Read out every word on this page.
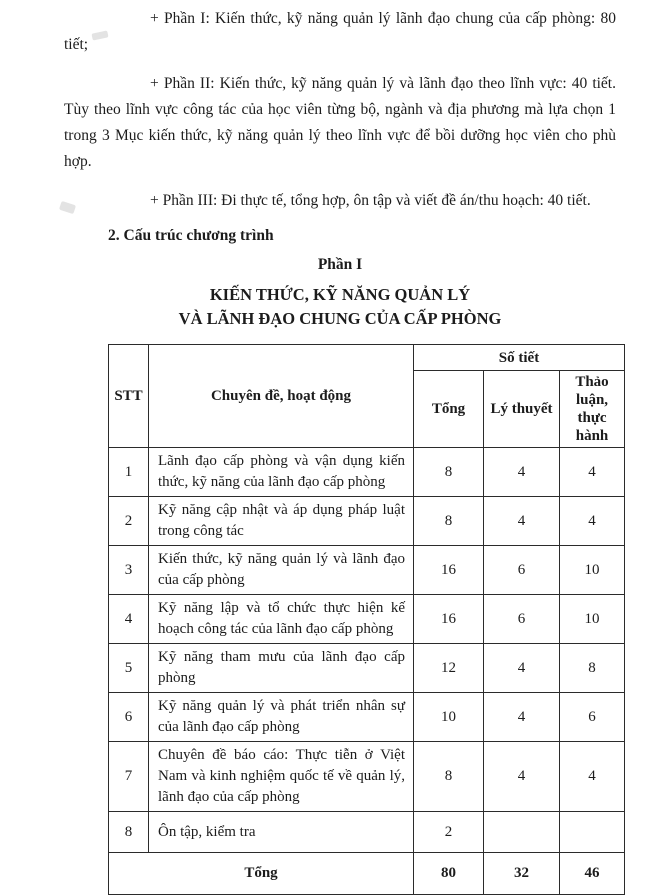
+ Phần I: Kiến thức, kỹ năng quản lý lãnh đạo chung của cấp phòng: 80 tiết;

+ Phần II: Kiến thức, kỹ năng quản lý và lãnh đạo theo lĩnh vực: 40 tiết. Tùy theo lĩnh vực công tác của học viên từng bộ, ngành và địa phương mà lựa chọn 1 trong 3 Mục kiến thức, kỹ năng quản lý theo lĩnh vực để bồi dưỡng học viên cho phù hợp.

+ Phần III: Đi thực tế, tổng hợp, ôn tập và viết đề án/thu hoạch: 40 tiết.

2. Cấu trúc chương trình
Phần I
KIẾN THỨC, KỸ NĂNG QUẢN LÝ
VÀ LÃNH ĐẠO CHUNG CỦA CẤP PHÒNG
STT	Chuyên đề, hoạt động	Số tiết		
		Tổng	Lý thuyết	Thảo luận, thực hành
1	Lãnh đạo cấp phòng và vận dụng kiến thức, kỹ năng của lãnh đạo cấp phòng	8	4	4
2	Kỹ năng cập nhật và áp dụng pháp luật trong công tác	8	4	4
3	Kiến thức, kỹ năng quản lý và lãnh đạo của cấp phòng	16	6	10
4	Kỹ năng lập và tổ chức thực hiện kế hoạch công tác của lãnh đạo cấp phòng	16	6	10
5	Kỹ năng tham mưu của lãnh đạo cấp phòng	12	4	8
6	Kỹ năng quản lý và phát triển nhân sự của lãnh đạo cấp phòng	10	4	6
7	Chuyên đề báo cáo: Thực tiễn ở Việt Nam và kinh nghiệm quốc tế về quản lý, lãnh đạo của cấp phòng	8	4	4
8	Ôn tập, kiểm tra	2		
Tổng		80	32	46
